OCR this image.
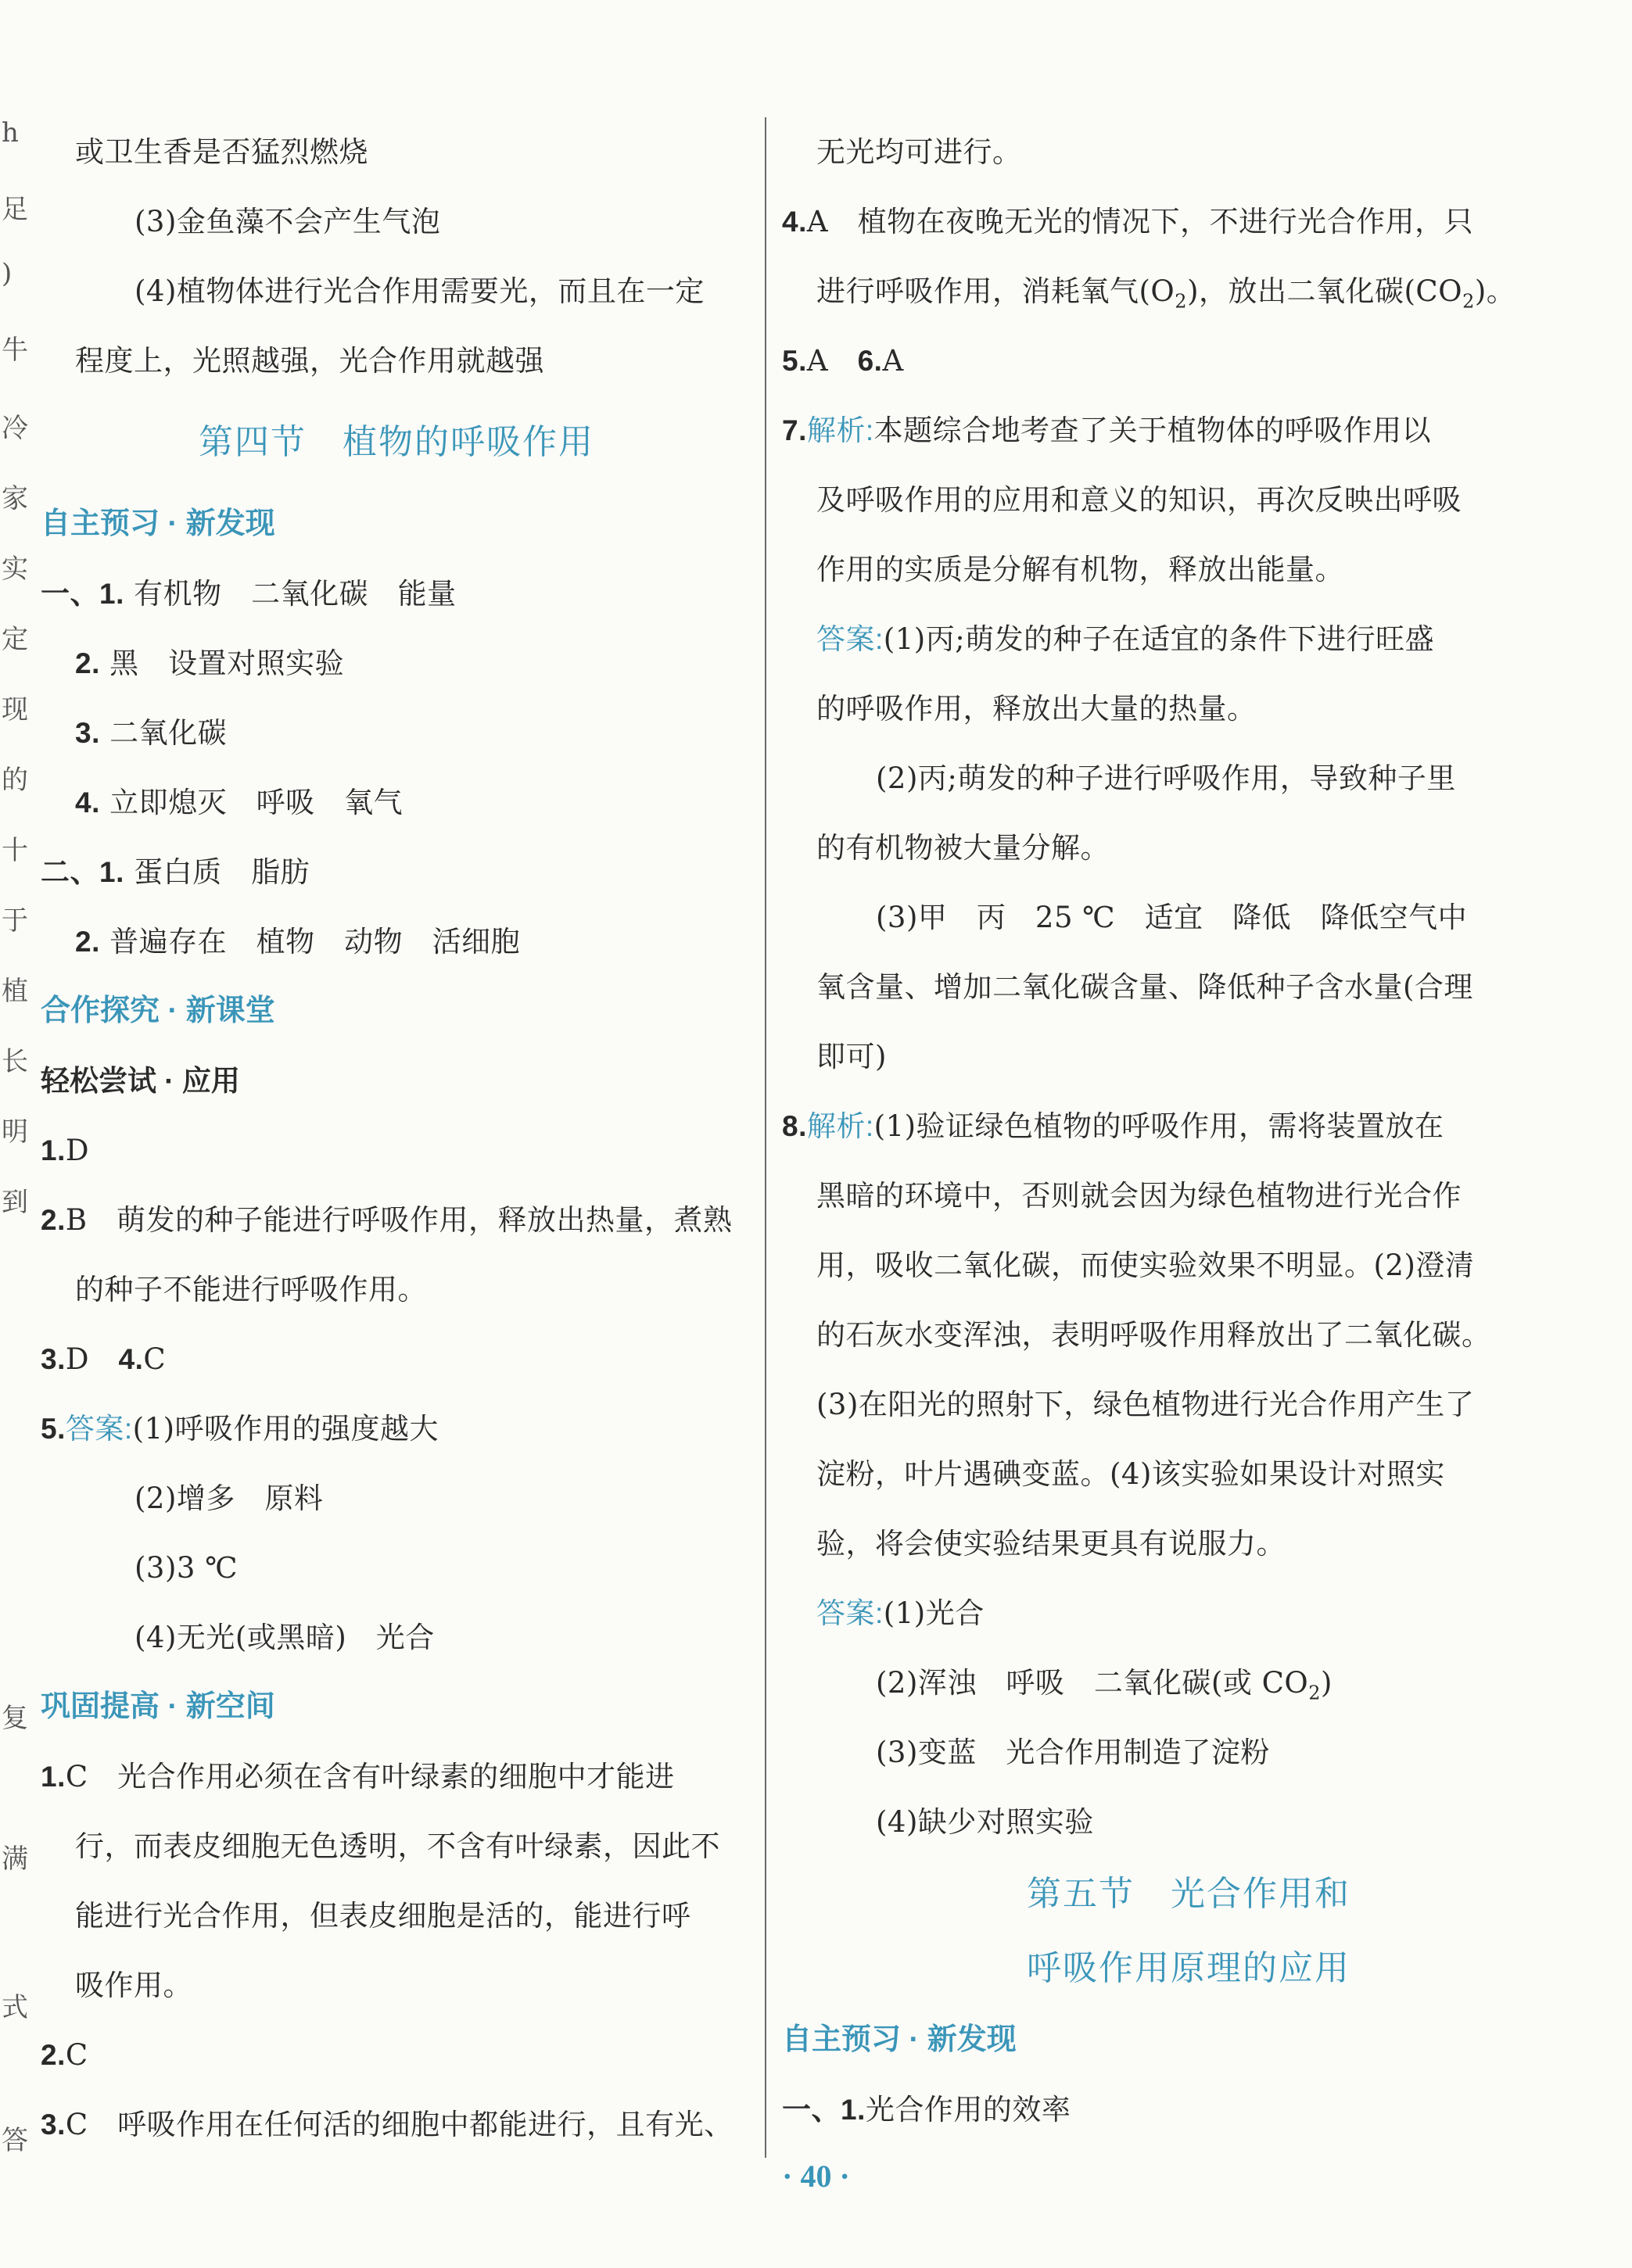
h
足
)
牛
冷
家
实
定
现
的
十
于
植
长
明
到
复
满
式
答
或卫生香是否猛烈燃烧
(3)金鱼藻不会产生气泡
(4)植物体进行光合作用需要光，而且在一定
程度上，光照越强，光合作用就越强
第四节　植物的呼吸作用
自主预习 · 新发现
一、1. 有机物　二氧化碳　能量
2. 黑　设置对照实验
3. 二氧化碳
4. 立即熄灭　呼吸　氧气
二、1. 蛋白质　脂肪
2. 普遍存在　植物　动物　活细胞
合作探究 · 新课堂
轻松尝试 · 应用
1.D
2.B　萌发的种子能进行呼吸作用，释放出热量，煮熟
的种子不能进行呼吸作用。
3.D　 4.C
5.答案:(1)呼吸作用的强度越大
(2)增多　原料
(3)3 ℃
(4)无光(或黑暗)　光合
巩固提高 · 新空间
1.C　光合作用必须在含有叶绿素的细胞中才能进
行，而表皮细胞无色透明，不含有叶绿素，因此不
能进行光合作用，但表皮细胞是活的，能进行呼
吸作用。
2.C
3.C　呼吸作用在任何活的细胞中都能进行，且有光、
无光均可进行。
4.A　植物在夜晚无光的情况下，不进行光合作用，只
进行呼吸作用，消耗氧气$(O_2)$，放出二氧化碳$(CO_2)$。
5.A　 6.A
7.解析:本题综合地考查了关于植物体的呼吸作用以
及呼吸作用的应用和意义的知识，再次反映出呼吸
作用的实质是分解有机物，释放出能量。
答案:(1)丙;萌发的种子在适宜的条件下进行旺盛
的呼吸作用，释放出大量的热量。
(2)丙;萌发的种子进行呼吸作用，导致种子里
的有机物被大量分解。
(3)甲　丙　25 ℃　适宜　降低　降低空气中
氧含量、增加二氧化碳含量、降低种子含水量(合理
即可)
8.解析:(1)验证绿色植物的呼吸作用，需将装置放在
黑暗的环境中，否则就会因为绿色植物进行光合作
用，吸收二氧化碳，而使实验效果不明显。(2)澄清
的石灰水变浑浊，表明呼吸作用释放出了二氧化碳。
(3)在阳光的照射下，绿色植物进行光合作用产生了
淀粉，叶片遇碘变蓝。(4)该实验如果设计对照实
验，将会使实验结果更具有说服力。
答案:(1)光合
(2)浑浊　呼吸　二氧化碳(或 $CO_2$)
(3)变蓝　光合作用制造了淀粉
(4)缺少对照实验
第五节　光合作用和
呼吸作用原理的应用
自主预习 · 新发现
一、1.光合作用的效率
· 40 ·
